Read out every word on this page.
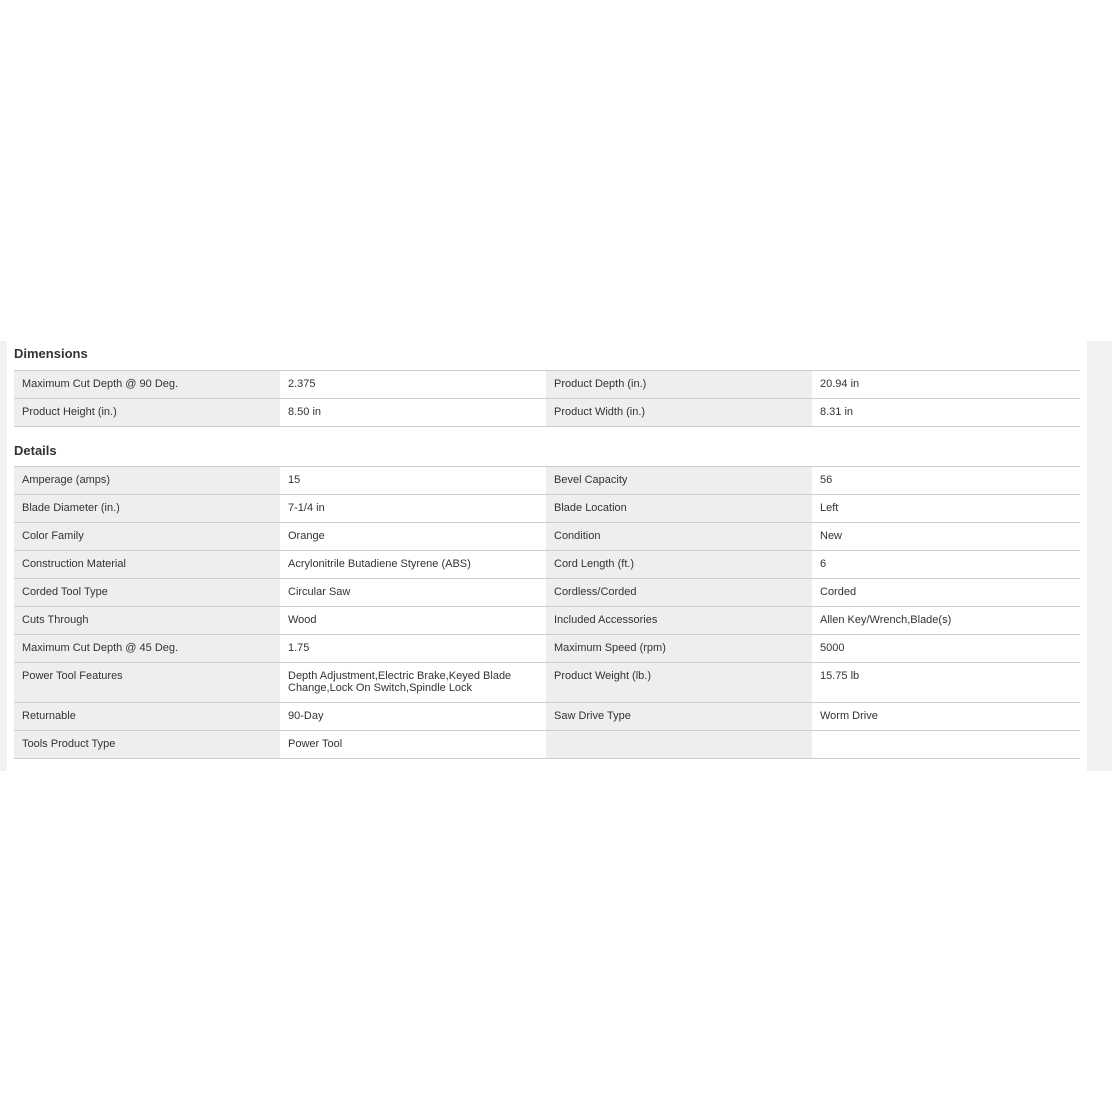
Dimensions
Maximum Cut Depth @ 90 Deg.	2.375	Product Depth (in.)	20.94 in
Product Height (in.)	8.50 in	Product Width (in.)	8.31 in
Details
Amperage (amps)	15	Bevel Capacity	56
Blade Diameter (in.)	7-1/4 in	Blade Location	Left
Color Family	Orange	Condition	New
Construction Material	Acrylonitrile Butadiene Styrene (ABS)	Cord Length (ft.)	6
Corded Tool Type	Circular Saw	Cordless/Corded	Corded
Cuts Through	Wood	Included Accessories	Allen Key/Wrench,Blade(s)
Maximum Cut Depth @ 45 Deg.	1.75	Maximum Speed (rpm)	5000
Power Tool Features	Depth Adjustment,Electric Brake,Keyed Blade Change,Lock On Switch,Spindle Lock	Product Weight (lb.)	15.75 lb
Returnable	90-Day	Saw Drive Type	Worm Drive
Tools Product Type	Power Tool		
